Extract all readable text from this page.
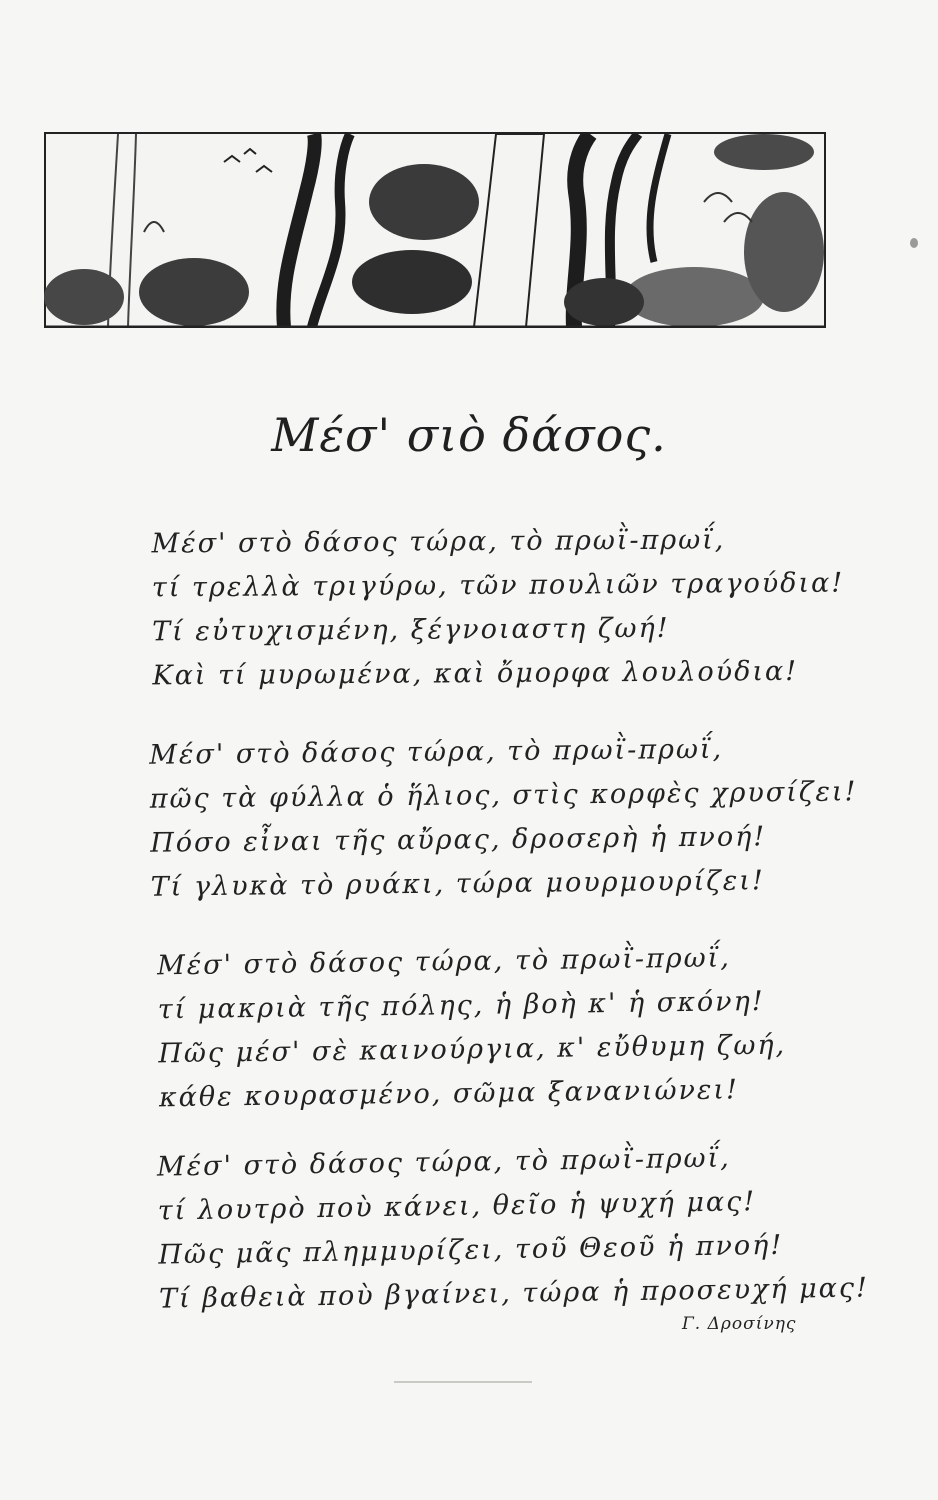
Μέσ' σιὸ δάσος.
Μέσ' στὸ δάσος τώρα, τὸ πρωῒ-πρωΐ,
τί τρελλὰ τριγύρω, τῶν πουλιῶν τραγούδια!
Τί εὐτυχισμένη, ξέγνοιαστη ζωή!
Καὶ τί μυρωμένα, καὶ ὄμορφα λουλούδια!
Μέσ' στὸ δάσος τώρα, τὸ πρωῒ-πρωΐ,
πῶς τὰ φύλλα ὁ ἥλιος, στὶς κορφὲς χρυσίζει!
Πόσο εἶναι τῆς αὔρας, δροσερὴ ἡ πνοή!
Τί γλυκὰ τὸ ρυάκι, τώρα μουρμουρίζει!
Μέσ' στὸ δάσος τώρα, τὸ πρωῒ-πρωΐ,
τί μακριὰ τῆς πόλης, ἡ βοὴ κ' ἡ σκόνη!
Πῶς μέσ' σὲ καινούργια, κ' εὔθυμη ζωή,
κάθε κουρασμένο, σῶμα ξανανιώνει!
Μέσ' στὸ δάσος τώρα, τὸ πρωῒ-πρωΐ,
τί λουτρὸ ποὺ κάνει, θεῖο ἡ ψυχή μας!
Πῶς μᾶς πλημμυρίζει, τοῦ Θεοῦ ἡ πνοή!
Τί βαθειὰ ποὺ βγαίνει, τώρα ἡ προσευχή μας!
Γ. Δροσίνης
